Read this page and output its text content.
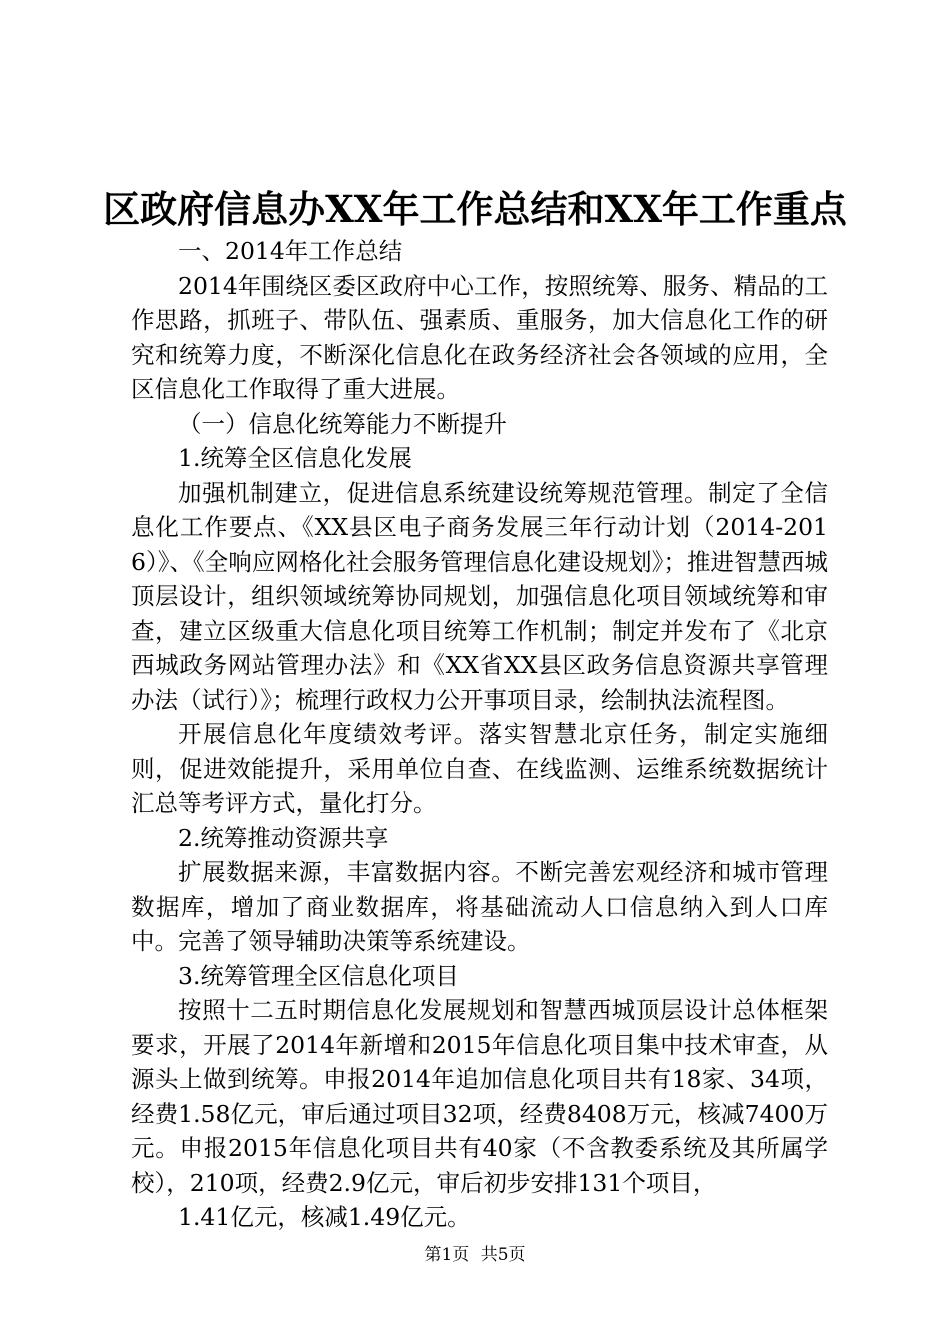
区政府信息办XX年工作总结和XX年工作重点

一、2014年工作总结

2014年围绕区委区政府中心工作，按照统筹、服务、精品的工作思路，抓班子、带队伍、强素质、重服务，加大信息化工作的研究和统筹力度，不断深化信息化在政务经济社会各领域的应用，全区信息化工作取得了重大进展。

（一）信息化统筹能力不断提升

1.统筹全区信息化发展

加强机制建立，促进信息系统建设统筹规范管理。制定了全信息化工作要点、《XX县区电子商务发展三年行动计划（2014-2016）》、《全响应网格化社会服务管理信息化建设规划》；推进智慧西城顶层设计，组织领域统筹协同规划，加强信息化项目领域统筹和审查，建立区级重大信息化项目统筹工作机制；制定并发布了《北京西城政务网站管理办法》和《XX省XX县区政务信息资源共享管理办法（试行）》；梳理行政权力公开事项目录，绘制执法流程图。

开展信息化年度绩效考评。落实智慧北京任务，制定实施细则，促进效能提升，采用单位自查、在线监测、运维系统数据统计汇总等考评方式，量化打分。

2.统筹推动资源共享

扩展数据来源，丰富数据内容。不断完善宏观经济和城市管理数据库，增加了商业数据库，将基础流动人口信息纳入到人口库中。完善了领导辅助决策等系统建设。

3.统筹管理全区信息化项目

按照十二五时期信息化发展规划和智慧西城顶层设计总体框架要求，开展了2014年新增和2015年信息化项目集中技术审查，从源头上做到统筹。申报2014年追加信息化项目共有18家、34项，经费1.58亿元，审后通过项目32项，经费8408万元，核减7400万元。申报2015年信息化项目共有40家（不含教委系统及其所属学校），210项，经费2.9亿元，审后初步安排131个项目，

1.41亿元，核减1.49亿元。

第1页 共5页
